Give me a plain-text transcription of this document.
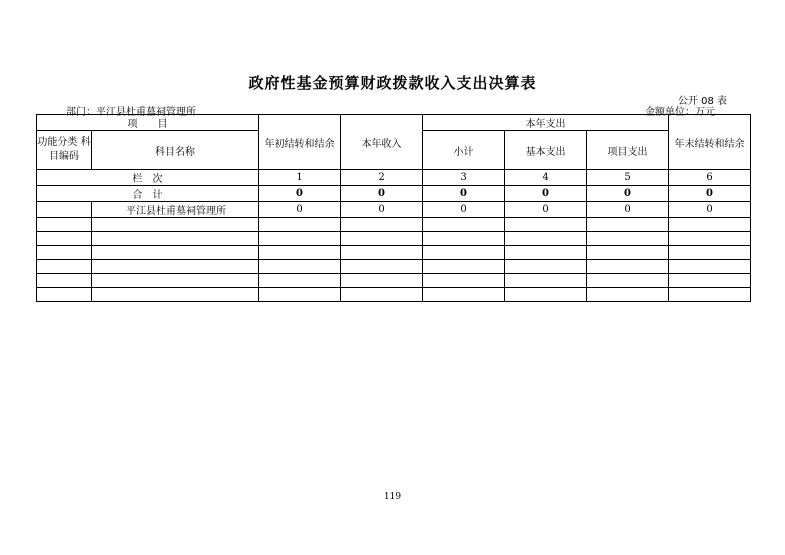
政府性基金预算财政拨款收入支出决算表
公开 08 表
部门：平江县杜甫墓祠管理所	金额单位：万元
项　　目		年初结转和结余	本年收入	本年支出			年末结转和结余
功能分类 科目编码	科目名称			小计	基本支出	项目支出	
栏　次		1	2	3	4	5	6
合　计		0	0	0	0	0	0
	平江县杜甫墓祠管理所	0	0	0	0	0	0

119
